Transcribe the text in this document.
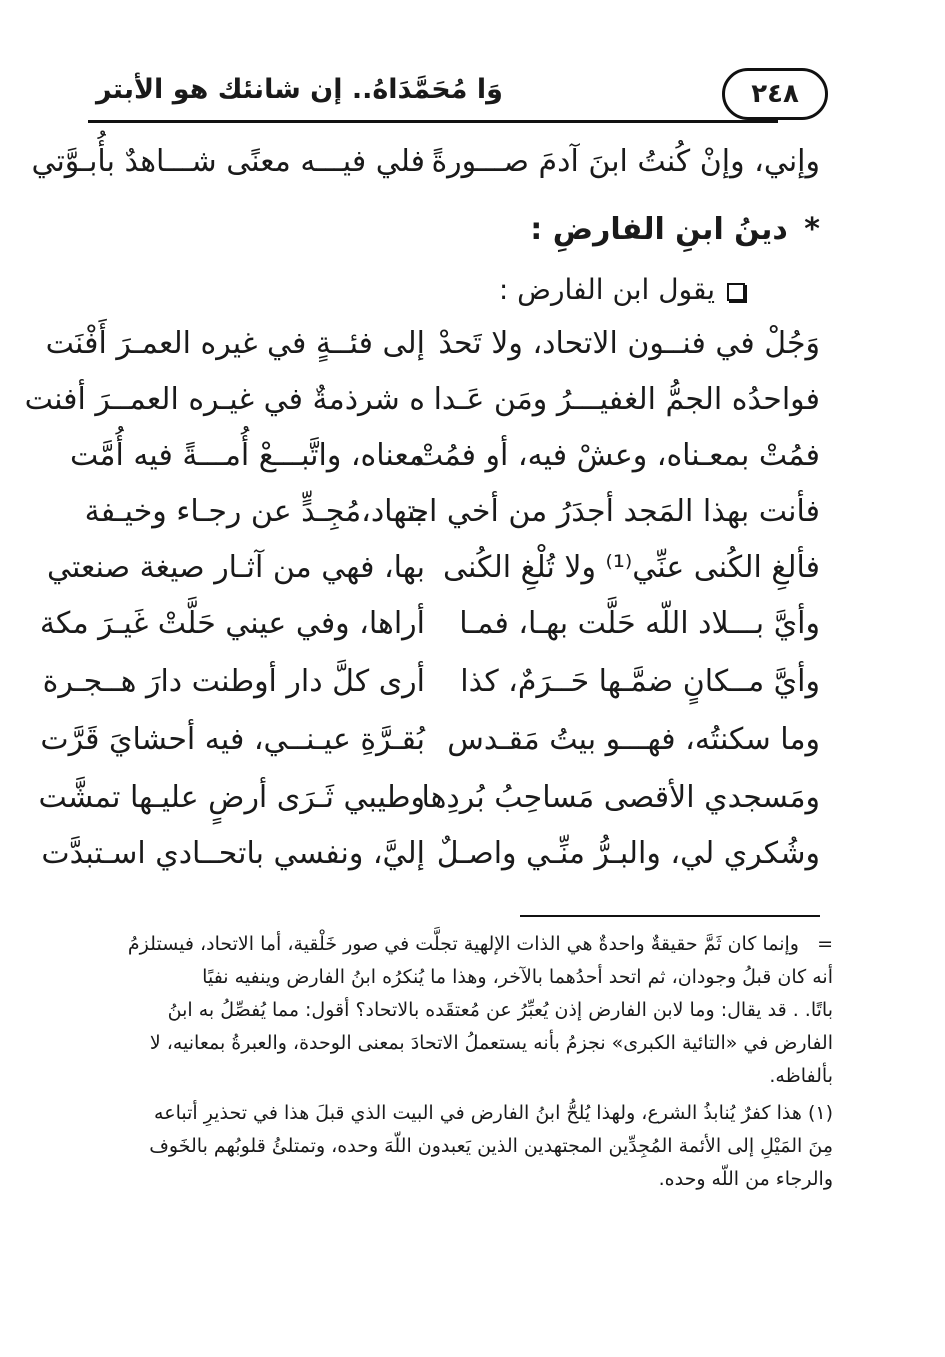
٢٤٨
وَا مُحَمَّدَاهُ.. إن شانئك هو الأبتر
وإني، وإنْ كُنتُ ابنَ آدمَ صـــورةً
فلي فيـــه معنًى شـــاهدٌ بأُبـوَّتي
* دينُ ابنِ الفارضِ :
يقول ابن الفارض :
وَجُلْ في فنــون الاتحاد، ولا تَحدْ
إلى فئــةٍ في غيره العمـرَ أَفْنَت
فواحدُه الجمُّ الغفيـــرُ ومَن عَـدا
ه شرذمةٌ في غيـره العمــرَ أفنت
فمُتْ بمعـناه، وعشْ فيه، أو فمُتْ
معناه، واتَّبـــعْ أُمـــةً فيه أُمَّت
فأنت بهذا المَجد أجدَرُ من أخي اجـ
ـتهاد،مُجِـدٍّ عن رجـاء وخيـفة
فألغِ الكُنى عنِّي⁽¹⁾ ولا تُلْغِ الكُنى
بها، فهي من آثـار صيغة صنعتي
وأيَّ بـــلاد اللّه حَلَّت بهـا، فمـا
أراها، وفي عيني حَلَّتْ غَيـرَ مكة
وأيَّ مــكانٍ ضمَّـها حَــرَمٌ، كذا
أرى كلَّ دار أوطنت دارَ هــجـرة
وما سكنتُه، فهـــو بيتُ مَقـدس
بُقـرَّةِ عيـنــي، فيه أحشايَ قَرَّت
ومَسجدي الأقصى مَساحِبُ بُردِها
وطيبي ثَـرَى أرضٍ عليـها تمشَّت
وشُكري لي، والبـرُّ منِّـي واصـلٌ
إليَّ، ونفسي باتحــادي اسـتبدَّت
=   وإنما كان ثَمَّ حقيقةٌ واحدةٌ هي الذات الإلهية تجلَّت في صور خَلْقية، أما الاتحاد، فيستلزمُ
أنه كان قبلُ وجودان، ثم اتحد أحدُهما بالآخر، وهذا ما يُنكرُه ابنُ الفارض وينفيه نفيًا
باتًا. . قد يقال: وما لابن الفارض إذن يُعبِّرُ عن مُعتقَده بالاتحاد؟ أقول: مما يُفصِّلُ به ابنُ
الفارض في «التائية الكبرى» نجزمُ بأنه يستعملُ الاتحادَ بمعنى الوحدة، والعبرةُ بمعانيه، لا
بألفاظه.
(١) هذا كفرٌ يُنابذُ الشرع، ولهذا يُلحُّ ابنُ الفارض في البيت الذي قبلَ هذا في تحذيرِ أتباعه
مِنَ المَيْلِ إلى الأئمة المُجِدِّين المجتهدين الذين يَعبدون اللّهَ وحده، وتمتلئُ قلوبُهم بالخَوف
والرجاء من اللّه وحده.
